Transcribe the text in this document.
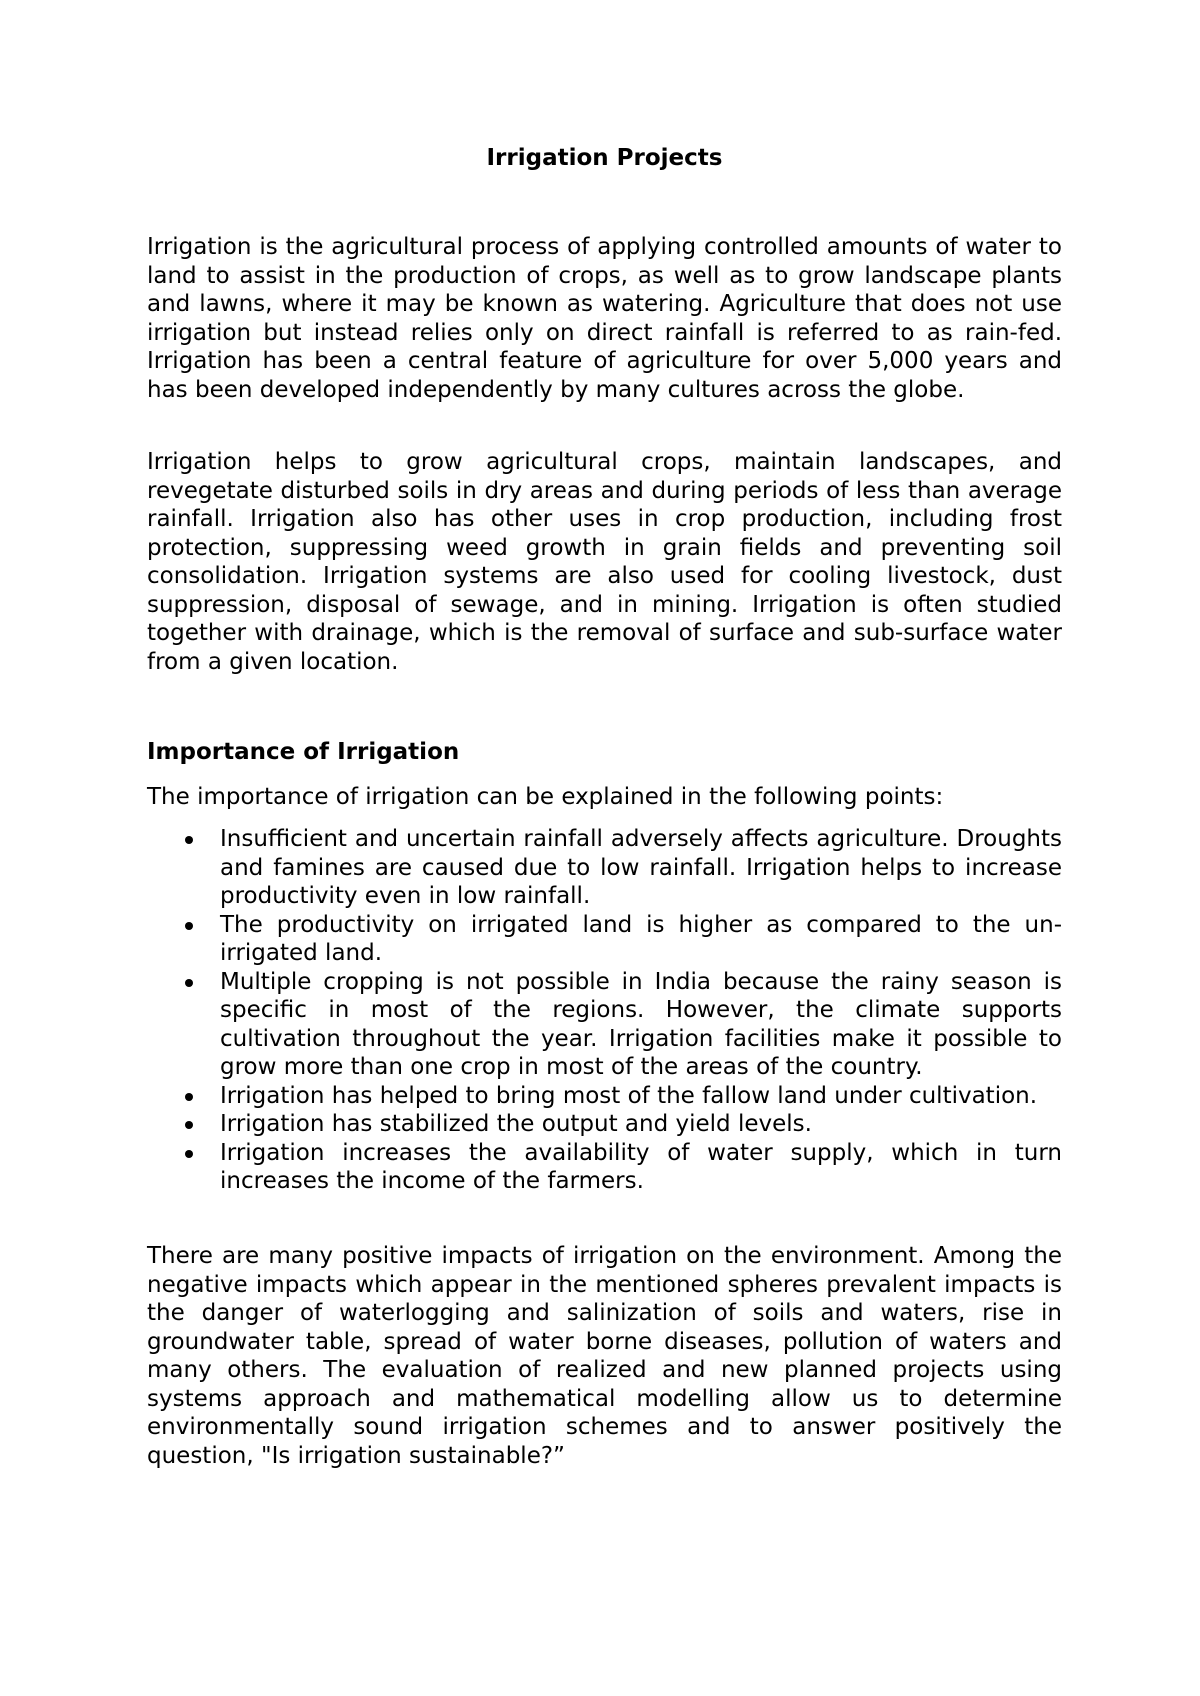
Irrigation Projects

Irrigation is the agricultural process of applying controlled amounts of water to land to assist in the production of crops, as well as to grow landscape plants and lawns, where it may be known as watering. Agriculture that does not use irrigation but instead relies only on direct rainfall is referred to as rain-fed. Irrigation has been a central feature of agriculture for over 5,000 years and has been developed independently by many cultures across the globe.

Irrigation helps to grow agricultural crops, maintain landscapes, and revegetate disturbed soils in dry areas and during periods of less than average rainfall. Irrigation also has other uses in crop production, including frost protection, suppressing weed growth in grain fields and preventing soil consolidation. Irrigation systems are also used for cooling livestock, dust suppression, disposal of sewage, and in mining. Irrigation is often studied together with drainage, which is the removal of surface and sub-surface water from a given location.

Importance of Irrigation

The importance of irrigation can be explained in the following points:

Insufficient and uncertain rainfall adversely affects agriculture. Droughts and famines are caused due to low rainfall. Irrigation helps to increase productivity even in low rainfall.
The productivity on irrigated land is higher as compared to the un-irrigated land.
Multiple cropping is not possible in India because the rainy season is specific in most of the regions. However, the climate supports cultivation throughout the year. Irrigation facilities make it possible to grow more than one crop in most of the areas of the country.
Irrigation has helped to bring most of the fallow land under cultivation.
Irrigation has stabilized the output and yield levels.
Irrigation increases the availability of water supply, which in turn increases the income of the farmers.

There are many positive impacts of irrigation on the environment. Among the negative impacts which appear in the mentioned spheres prevalent impacts is the danger of waterlogging and salinization of soils and waters, rise in groundwater table, spread of water borne diseases, pollution of waters and many others. The evaluation of realized and new planned projects using systems approach and mathematical modelling allow us to determine environmentally sound irrigation schemes and to answer positively the question, "Is irrigation sustainable?”
